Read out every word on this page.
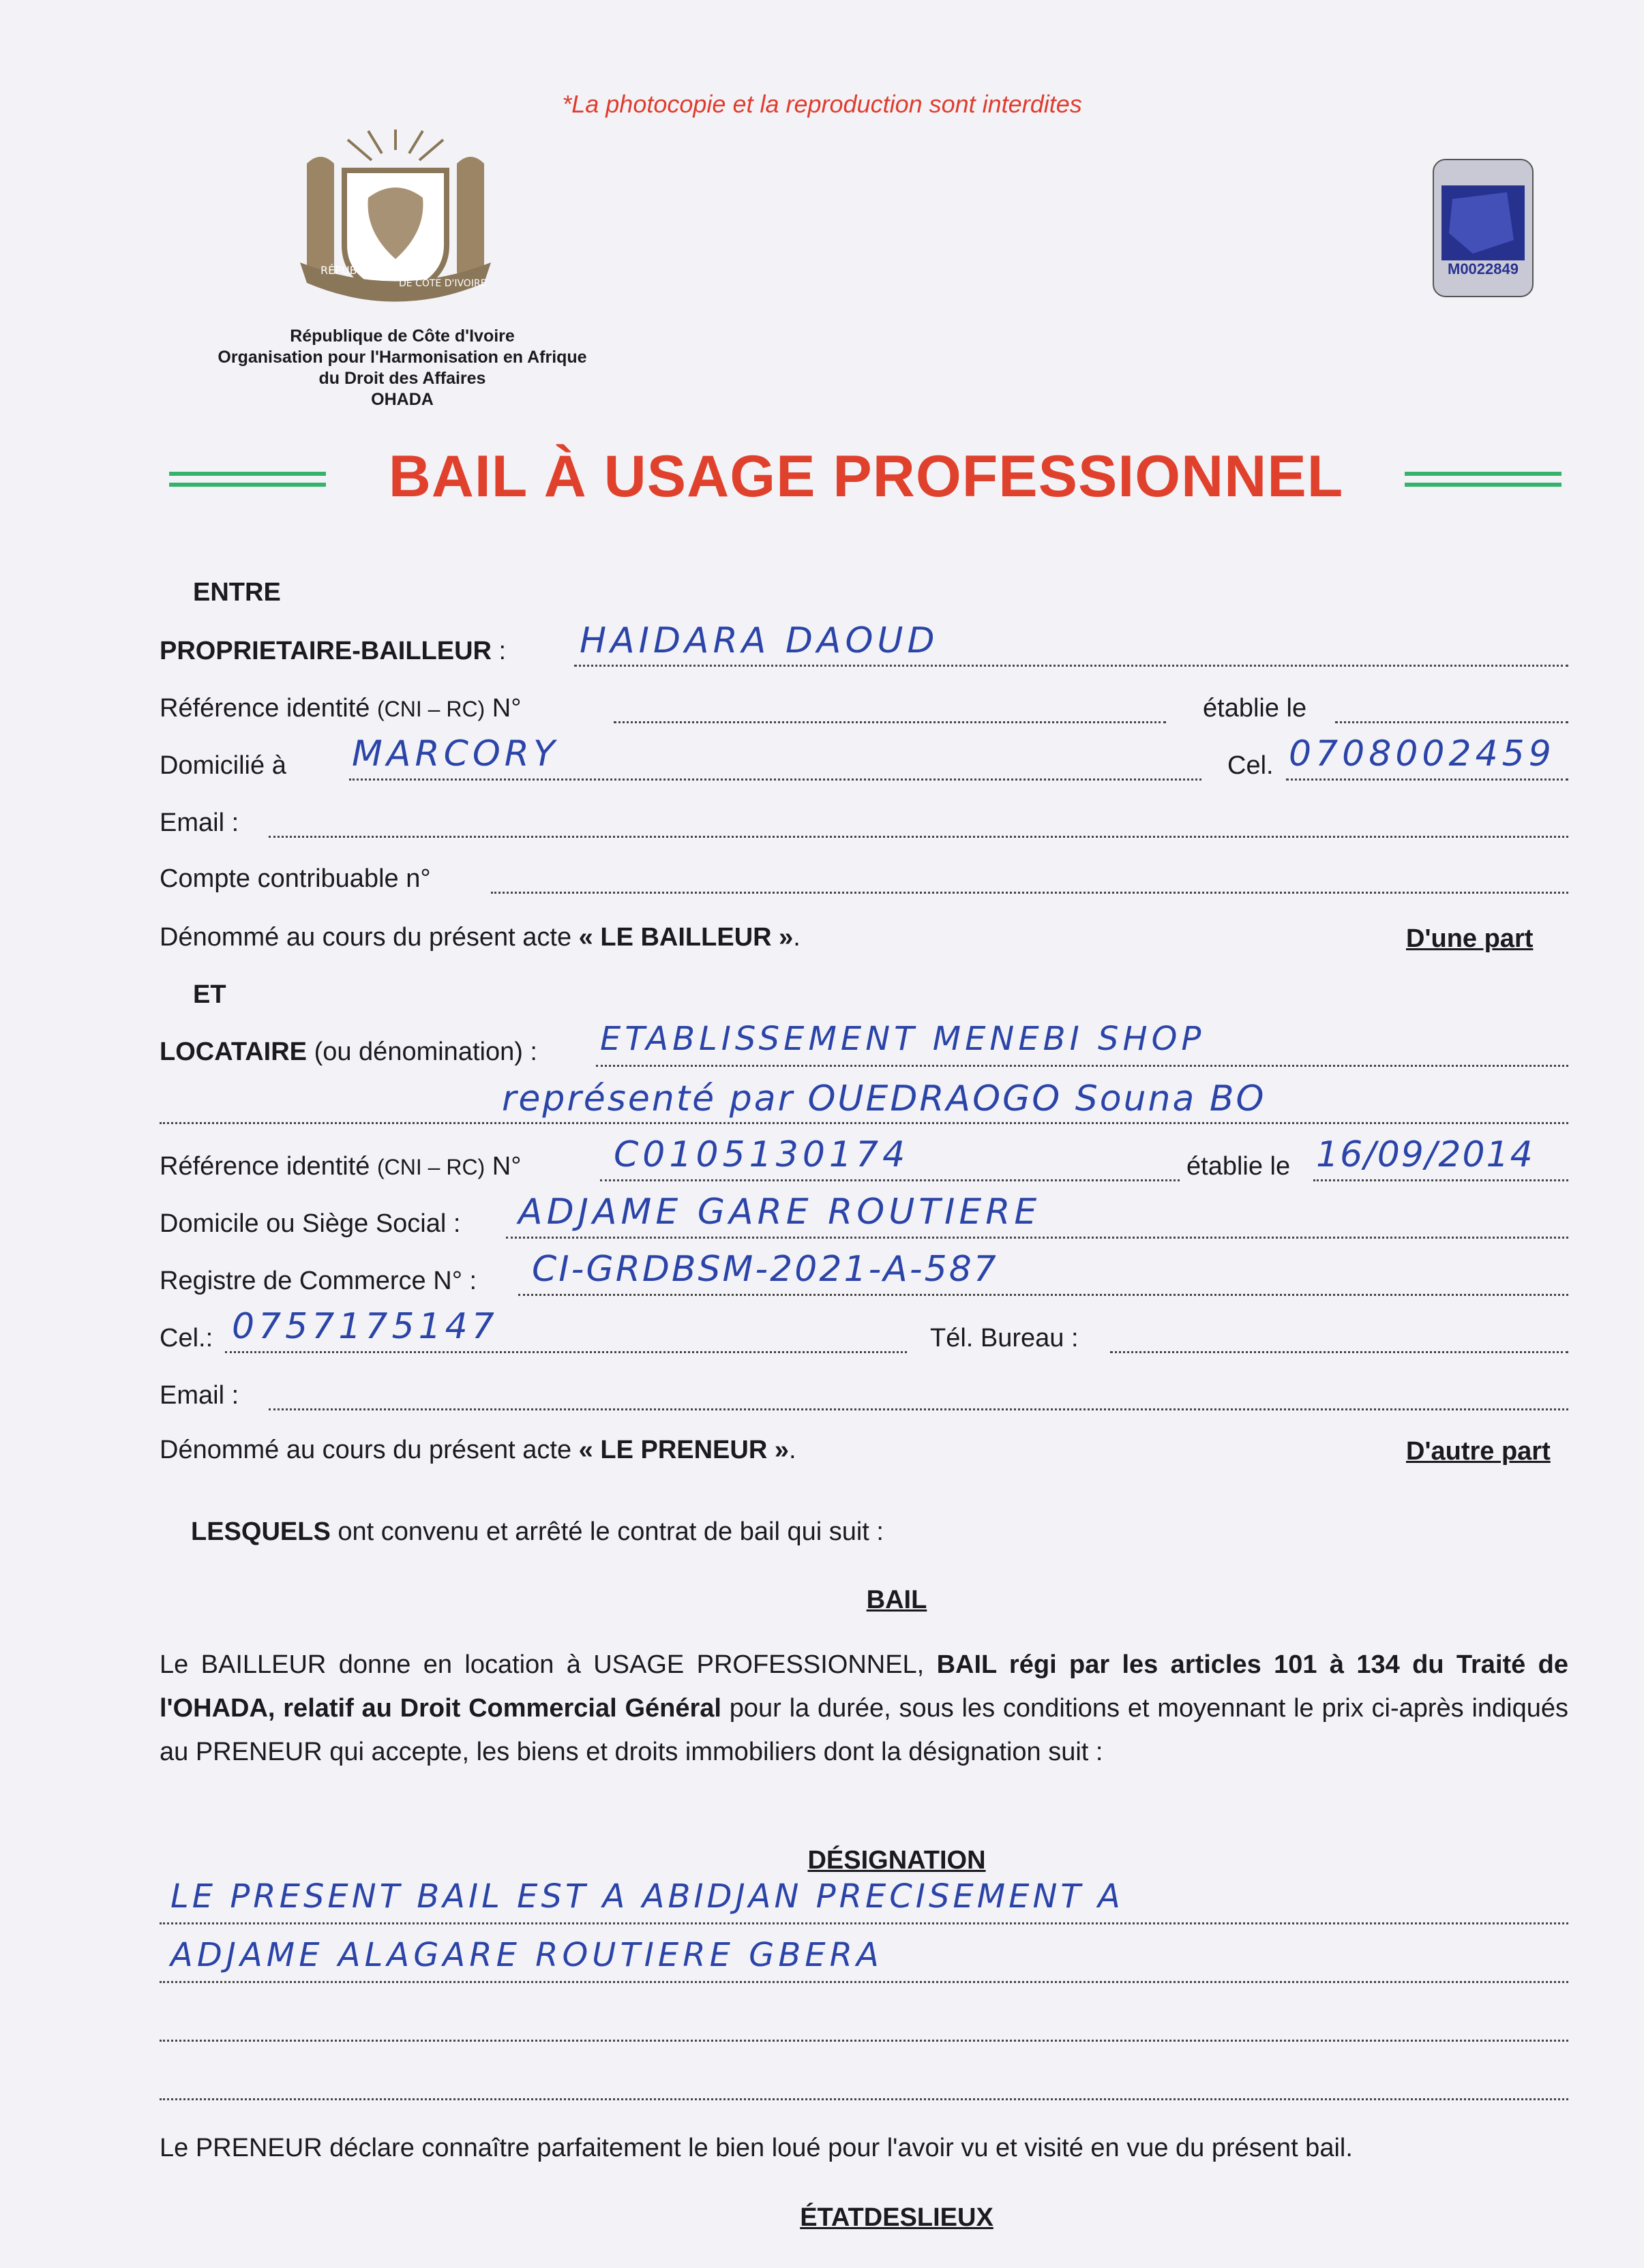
*La photocopie et la reproduction sont interdites
RÉPUBLIQUE
DE CÔTE D'IVOIRE
M0022849
République de Côte d'Ivoire
Organisation pour l'Harmonisation en Afrique
du Droit des Affaires
OHADA
BAIL À USAGE PROFESSIONNEL
ENTRE
PROPRIETAIRE-BAILLEUR : HAIDARA DAOUD
Référence identité (CNI – RC) N°	établie le
Domicilié à MARCORY	Cel. 0708002459
Email :
Compte contribuable n°
Dénommé au cours du présent acte « LE BAILLEUR ».	D'une part
ET
LOCATAIRE (ou dénomination) : ETABLISSEMENT MENEBI SHOP
représenté par OUEDRAOGO Souna BO
Référence identité (CNI – RC) N°	C0105130174	établie le 16/09/2014
Domicile ou Siège Social : ADJAME GARE ROUTIERE
Registre de Commerce N° : CI-GRDBSM-2021-A-587
Cel.: 0757175147	Tél. Bureau :
Email :
Dénommé au cours du présent acte « LE PRENEUR ».	D'autre part
LESQUELS ont convenu et arrêté le contrat de bail qui suit :
BAIL
Le BAILLEUR donne en location à USAGE PROFESSIONNEL, BAIL régi par les articles 101 à 134 du Traité de l'OHADA, relatif au Droit Commercial Général pour la durée, sous les conditions et moyennant le prix ci-après indiqués au PRENEUR qui accepte, les biens et droits immobiliers dont la désignation suit :
DÉSIGNATION
LE PRESENT BAIL EST A ABIDJAN PRECISEMENT A
ADJAME ALAGARE ROUTIERE GBERA
Le PRENEUR déclare connaître parfaitement le bien loué pour l'avoir vu et visité en vue du présent bail.
ÉTATDESLIEUX
